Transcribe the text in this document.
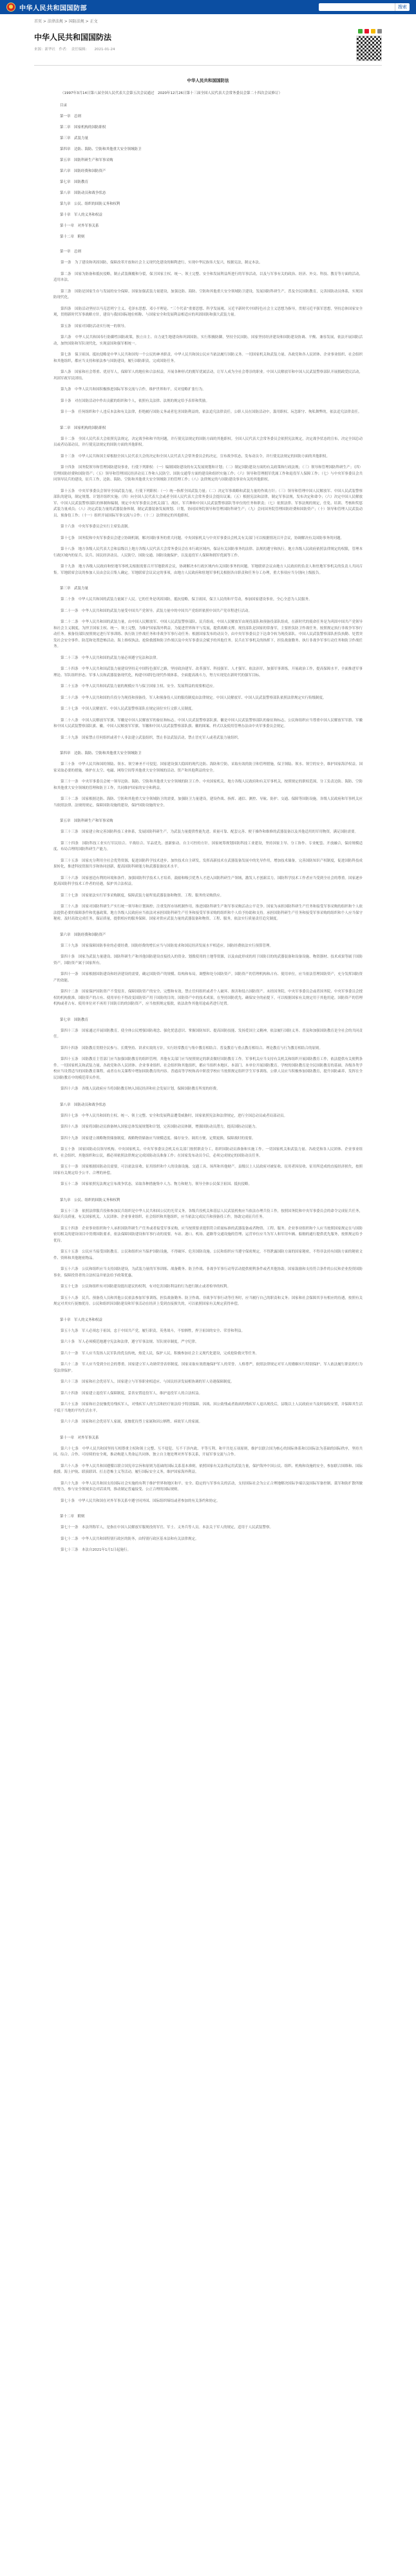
中华人民共和国国防部	搜索
首页 > 法律法规 > 国防法规 > 正文
中华人民共和国国防法
来源：新华社　作者：　责任编辑：　　2021-01-24
中华人民共和国国防法

（1997年3月14日第八届全国人民代表大会第五次会议通过　2020年12月26日第十三届全国人民代表大会常务委员会第二十四次会议修订）

目录

第一章　总则

第二章　国家机构的国防职权

第三章　武装力量

第四章　边防、海防、空防和其他重大安全领域防卫

第五章　国防科研生产和军事采购

第六章　国防经费和国防资产

第七章　国防教育

第八章　国防动员和战争状态

第九章　公民、组织的国防义务和权利

第十章　军人的义务和权益

第十一章　对外军事关系

第十二章　附则

第一章　总则

第一条　为了建设和巩固国防，保障改革开放和社会主义现代化建设的顺利进行，实现中华民族伟大复兴，根据宪法，制定本法。

第二条　国家为防备和抵抗侵略，制止武装颠覆和分裂，保卫国家主权、统一、领土完整、安全和发展利益所进行的军事活动，以及与军事有关的政治、经济、外交、科技、教育等方面的活动，适用本法。

第三条　国防是国家生存与发展的安全保障。国家加强武装力量建设，加强边防、海防、空防和其他重大安全领域防卫建设，发展国防科研生产，普及全民国防教育，完善国防动员体系，实现国防现代化。

第四条　国防活动坚持以马克思列宁主义、毛泽东思想、邓小平理论、“三个代表”重要思想、科学发展观、习近平新时代中国特色社会主义思想为指导，贯彻习近平强军思想，坚持总体国家安全观，贯彻新时代军事战略方针，建设与我国国际地位相称、与国家安全和发展利益相适应的巩固国防和强大武装力量。

第五条　国家对国防活动实行统一的领导。

第六条　中华人民共和国奉行防御性国防政策，独立自主、自力更生地建设和巩固国防，实行积极防御，坚持全民国防。国家坚持经济建设和国防建设协调、平衡、兼容发展，依法开展国防活动，加快国防和军队现代化，实现富国和强军相统一。

第七条　保卫祖国、抵抗侵略是中华人民共和国每一个公民的神圣职责。中华人民共和国公民应当依法履行国防义务。一切国家机关和武装力量、各政党和各人民团体、企业事业组织、社会组织和其他组织，都应当支持和依法参与国防建设，履行国防职责，完成国防任务。

第八条　国家和社会尊重、优待军人，保障军人的地位和合法权益，开展各种形式的拥军优属活动，让军人成为全社会尊崇的职业。中国人民解放军和中国人民武装警察部队开展拥政爱民活动，巩固军政军民团结。

第九条　中华人民共和国积极推进国际军事交流与合作，维护世界和平，反对侵略扩张行为。

第十条　对在国防活动中作出贡献的组织和个人，依照有关法律、法规的规定给予表彰和奖励。

第十一条　任何组织和个人违反本法和有关法律，拒绝履行国防义务或者危害国防利益的，依法追究法律责任。公职人员在国防活动中，滥用职权、玩忽职守、徇私舞弊的，依法追究法律责任。

第二章　国家机构的国防职权

第十二条　全国人民代表大会依照宪法规定，决定战争和和平的问题，并行使宪法规定的国防方面的其他职权。全国人民代表大会常务委员会依照宪法规定，决定战争状态的宣布，决定全国总动员或者局部动员，并行使宪法规定的国防方面的其他职权。

第十三条　中华人民共和国主席根据全国人民代表大会的决定和全国人民代表大会常务委员会的决定，宣布战争状态，发布动员令，并行使宪法规定的国防方面的其他职权。

第十四条　国务院领导和管理国防建设事业，行使下列职权：（一）编制国防建设的有关发展规划和计划；（二）制定国防建设方面的有关政策和行政法规；（三）领导和管理国防科研生产；（四）管理国防经费和国防资产；（五）领导和管理国民经济动员工作和人民防空、国防交通等方面的建设和组织实施工作；（六）领导和管理拥军优属工作和退役军人保障工作；（七）与中央军事委员会共同领导民兵的建设，征兵工作，边防、海防、空防和其他重大安全领域防卫的管理工作；（八）法律规定的与国防建设事业有关的其他职权。

第十五条　中央军事委员会领导全国武装力量，行使下列职权：（一）统一指挥全国武装力量；（二）决定军事战略和武装力量的作战方针；（三）领导和管理中国人民解放军、中国人民武装警察部队的建设，制定规划、计划并组织实施；（四）向全国人民代表大会或者全国人民代表大会常务委员会提出议案；（五）根据宪法和法律，制定军事法规，发布决定和命令；（六）决定中国人民解放军、中国人民武装警察部队的体制和编制，规定中央军事委员会机关部门、战区、军兵种和中国人民武装警察部队等单位的任务和职责；（七）依照法律、军事法规的规定，任免、培训、考核和奖惩武装力量成员；（八）决定武装力量的武器装备体制，制定武器装备发展规划、计划，协同国务院领导和管理国防科研生产；（九）会同国务院管理国防经费和国防资产；（十）领导和管理人民武装动员、预备役工作；（十一）组织开展国际军事交流与合作；（十二）法律规定的其他职权。

第十六条　中央军事委员会实行主席负责制。

第十七条　国务院和中央军事委员会建立协调机制，解决国防事务的重大问题。中央国家机关与中央军事委员会机关有关部门可以根据情况召开会议，协调解决有关国防事务的问题。

第十八条　地方各级人民代表大会和县级以上地方各级人民代表大会常务委员会在本行政区域内，保证有关国防事务的法律、法规的遵守和执行。地方各级人民政府依照法律规定的权限，管理本行政区域内的征兵、民兵、国民经济动员、人民防空、国防交通、国防设施保护，以及退役军人保障和拥军优属等工作。

第十九条　地方各级人民政府和驻地军事机关根据需要召开军地联席会议，协调解决本行政区域内有关国防事务的问题。军地联席会议由地方人民政府的负责人和驻地军事机关的负责人共同召集。军地联席会议的参加人员由会议召集人确定。军地联席会议议定的事项，由地方人民政府和驻地军事机关根据各自职责和任务分工办理，重大事项应当分别向上级报告。

第三章　武装力量

第二十条　中华人民共和国的武装力量属于人民。它的任务是巩固国防，抵抗侵略，保卫祖国，保卫人民的和平劳动，参加国家建设事业，全心全意为人民服务。

第二十一条　中华人民共和国的武装力量受中国共产党领导。武装力量中的中国共产党组织依照中国共产党章程进行活动。

第二十二条　中华人民共和国的武装力量，由中国人民解放军、中国人民武装警察部队、民兵组成。中国人民解放军由现役部队和预备役部队组成，在新时代的使命任务是为巩固中国共产党领导和社会主义制度，为捍卫国家主权、统一、领土完整，为维护国家海外利益，为促进世界和平与发展，提供战略支撑。现役部队是国家的常备军，主要担负防卫作战任务，按照规定执行非战争军事行动任务。预备役部队按照规定进行军事训练、执行防卫作战任务和非战争军事行动任务；根据国家发布的动员令，由中央军事委员会下达命令转为现役部队。中国人民武装警察部队担负执勤、处置突发社会安全事件、防范和处置恐怖活动、海上维权执法、抢险救援和防卫作战以及中央军事委员会赋予的其他任务。民兵在军事机关的指挥下，担负战备勤务、执行非战争军事行动任务和防卫作战任务。

第二十三条　中华人民共和国的武装力量必须遵守宪法和法律。

第二十四条　中华人民共和国武装力量建设坚持走中国特色强军之路，坚持政治建军、改革强军、科技强军、人才强军、依法治军，加强军事训练，开展政治工作，提高保障水平，全面推进军事理论、军队组织形态、军事人员和武器装备现代化，构建中国特色现代作战体系，全面提高战斗力，努力实现党在新时代的强军目标。

第二十五条　中华人民共和国武装力量的规模应当与保卫国家主权、安全、发展利益的需要相适应。

第二十六条　中华人民共和国的兵役分为现役和预备役。军人和预备役人员的服役制度由法律规定。中国人民解放军、中国人民武装警察部队依照法律规定实行衔级制度。

第二十七条　中国人民解放军、中国人民武装警察部队在规定岗位实行文职人员制度。

第二十八条　中国人民解放军军旗、军徽是中国人民解放军的象征和标志。中国人民武装警察部队旗、徽是中国人民武装警察部队的象征和标志。公民和组织应当尊重中国人民解放军军旗、军徽和中国人民武装警察部队旗、徽。中国人民解放军军旗、军徽和中国人民武装警察部队旗、徽的图案、样式以及使用管理办法由中央军事委员会规定。

第二十九条　国家禁止任何组织或者个人非法建立武装组织，禁止非法武装活动，禁止冒充军人或者武装力量组织。

第四章　边防、海防、空防和其他重大安全领域防卫

第三十条　中华人民共和国的领陆、领水、领空神圣不可侵犯。国家建设强大稳固的现代边防、海防和空防，采取有效的防卫和管理措施，保卫领陆、领水、领空的安全，维护国家海洋权益。国家采取必要的措施，维护在太空、电磁、网络空间等其他重大安全领域的活动、资产和其他利益的安全。

第三十一条　中央军事委员会统一领导边防、海防、空防和其他重大安全领域的防卫工作。中央国家机关、地方各级人民政府和有关军事机关，按照规定的职权范围，分工负责边防、海防、空防和其他重大安全领域的管理和防卫工作，共同维护国家的安全和利益。

第三十二条　国家根据边防、海防、空防和其他重大安全领域防卫的需要，加强防卫力量建设，建设作战、指挥、通信、测控、导航、防护、交通、保障等国防设施。各级人民政府和军事机关应当依照法律、法规的规定，保障国防设施的建设，保护国防设施的安全。

第五章　国防科研生产和军事采购

第三十三条　国家建立和完善国防科技工业体系，发展国防科研生产，为武装力量提供性能先进、质量可靠、配套完善、便于操作和维修的武器装备以及其他适用的军用物资，满足国防需要。

第三十四条　国防科技工业实行军民结合、平战结合、军品优先、创新驱动、自主可控的方针。国家统筹规划国防科技工业建设，坚持国家主导、分工协作、专业配套、开放融合，保持规模适度、布局合理的国防科研生产能力。

第三十五条　国家充分利用全社会优势资源，促进国防科学技术进步，加快技术自主研发，发挥高新技术在武器装备发展中的先导作用，增加技术储备，完善国防知识产权制度，促进国防科技成果转化，推进科技资源共享和协同创新，提高国防科研能力和武器装备技术水平。

第三十六条　国家创造有利的环境和条件，加强国防科学技术人才培养，鼓励和吸引优秀人才进入国防科研生产领域，激发人才创新活力。国防科学技术工作者应当受到全社会的尊重。国家逐步提高国防科学技术工作者的待遇，保护其合法权益。

第三十七条　国家依法实行军事采购制度，保障武装力量所需武器装备和物资、工程、服务的采购供应。

第三十八条　国家对国防科研生产实行统一领导和计划调控；注重发挥市场机制作用，推进国防科研生产和军事采购活动公平竞争。国家为承担国防科研生产任务和接受军事采购的组织和个人依法提供必要的保障条件和优惠政策。地方各级人民政府应当依法对承担国防科研生产任务和接受军事采购的组织和个人给予协助和支持。承担国防科研生产任务和接受军事采购的组织和个人应当保守秘密，及时高效完成任务，保证质量，提供相应的服务保障。国家对供应武装力量的武器装备和物资、工程、服务，依法实行质量责任追究制度。

第六章　国防经费和国防资产

第三十九条　国家保障国防事业的必要经费。国防经费的增长应当与国防需求和国民经济发展水平相适应。国防经费依法实行预算管理。

第四十条　国家为武装力量建设、国防科研生产和其他国防建设直接投入的资金、划拨使用的土地等资源，以及由此形成的用于国防目的的武器装备和设备设施、物资器材、技术成果等属于国防资产。国防资产属于国家所有。

第四十一条　国家根据国防建设和经济建设的需要，确定国防资产的规模、结构和布局，调整和处分国防资产。国防资产的管理机构和占有、使用单位，应当依法管理国防资产，充分发挥国防资产的效能。

第四十二条　国家保护国防资产不受侵害，保障国防资产的安全、完整和有效。禁止任何组织或者个人破坏、损害和侵占国防资产。未经国务院、中央军事委员会或者国务院、中央军事委员会授权的机构批准，国防资产的占有、使用单位不得改变国防资产用于国防的目的。国防资产中的技术成果，在坚持国防优先、确保安全的前提下，可以根据国家有关规定用于其他用途。国防资产的管理机构或者占有、使用单位对不再用于国防目的的国防资产，应当按照规定报批，依法改作其他用途或者进行处置。

第七章　国防教育

第四十三条　国家通过开展国防教育，使全体公民增强国防观念、强化忧患意识、掌握国防知识、提高国防技能、发扬爱国主义精神，依法履行国防义务。普及和加强国防教育是全社会的共同责任。

第四十四条　国防教育贯彻全民参与、长期坚持、讲求实效的方针，实行经常教育与集中教育相结合、普及教育与重点教育相结合、理论教育与行为教育相结合的原则。

第四十五条　国防教育主管部门应当加强国防教育的组织管理，其他有关部门应当按照规定的职责做好国防教育工作。军事机关应当支持有关机关和组织开展国防教育工作，依法提供有关便利条件。一切国家机关和武装力量、各政党和各人民团体、企业事业组织、社会组织和其他组织，都应当组织本地区、本部门、本单位开展国防教育。学校的国防教育是全民国防教育的基础。各级各类学校应当设置适当的国防教育课程，或者在有关课程中增加国防教育的内容。普通高等学校和高中阶段学校应当按照规定组织学生军事训练。公职人员应当积极参加国防教育，提升国防素养，发挥在全民国防教育中的模范带头作用。

第四十六条　各级人民政府应当将国防教育纳入国民经济和社会发展计划，保障国防教育所需的经费。

第八章　国防动员和战争状态

第四十七条　中华人民共和国的主权、统一、领土完整、安全和发展利益遭受威胁时，国家依照宪法和法律规定，进行全国总动员或者局部动员。

第四十八条　国家将国防动员准备纳入国家总体发展规划和计划，完善国防动员体制，增强国防动员潜力，提高国防动员能力。

第四十九条　国家建立战略物资储备制度。战略物资储备应当规模适度、储存安全、调用方便、定期更换，保障战时的需要。

第五十条　国家国防动员领导机构、中央国家机关、中央军事委员会机关有关部门按照职责分工，组织国防动员准备和实施工作。一切国家机关和武装力量、各政党和各人民团体、企业事业组织、社会组织、其他组织和公民，都必须依照法律规定完成国防动员准备工作；在国家发布动员令后，必须完成规定的国防动员任务。

第五十一条　国家根据国防动员需要，可以依法征收、征用组织和个人的设备设施、交通工具、场所和其他财产。县级以上人民政府对被征收、征用者因征收、征用所造成的直接经济损失，按照国家有关规定给予公平、合理的补偿。

第五十二条　国家依照宪法规定宣布战争状态，采取各种措施集中人力、物力和财力，领导全体公民保卫祖国、抵抗侵略。

第九章　公民、组织的国防义务和权利

第五十三条　依照法律服兵役和参加民兵组织是中华人民共和国公民的光荣义务。各级兵役机关和基层人民武装机构应当依法办理兵役工作，按照国务院和中央军事委员会的命令完成征兵任务，保证兵员质量。有关国家机关、人民团体、企业事业组织、社会组织和其他组织，应当依法完成民兵和预备役工作，协助完成征兵任务。

第五十四条　企业事业组织和个人承担国防科研生产任务或者接受军事采购，应当按照要求提供符合质量标准的武器装备或者物资、工程、服务。企业事业组织和个人应当按照国家规定在与国防密切相关的建设项目中贯彻国防要求，依法保障国防建设和军事行动的需要。车站、港口、机场、道路等交通设施的管理、运营单位应当为军人和军用车辆、船舶的通行提供优先服务，按照规定给予优待。

第五十五条　公民应当接受国防教育。公民和组织应当保护国防设施，不得破坏、危害国防设施。公民和组织应当遵守保密规定，不得泄露国防方面的国家秘密，不得非法持有国防方面的秘密文件、资料和其他秘密物品。

第五十六条　公民和组织应当支持国防建设，为武装力量的军事训练、战备勤务、防卫作战、非战争军事行动等活动提供便利条件或者其他协助。国家鼓励和支持符合条件的公民和企业投资国防事业，保障投资者的合法权益并依法给予政策优惠。

第五十七条　公民和组织有对国防建设提出建议的权利，有对危害国防利益的行为进行制止或者检举的权利。

第五十八条　民兵、预备役人员和其他公民依法参加军事训练，担负战备勤务、防卫作战、非战争军事行动等任务时，应当履行自己的职责和义务；国家和社会保障其享有相应的待遇，按照有关规定对其实行抚恤优待。公民和组织因国防建设和军事活动在经济上受到直接损失的，可以依照国家有关规定获得补偿。

第十章　军人的义务和权益

第五十九条　军人必须忠于祖国，忠于中国共产党，履行职责，英勇战斗，不怕牺牲，捍卫祖国的安全、荣誉和利益。

第六十条　军人必须模范地遵守宪法和法律，遵守军事法规、军队规章制度，严守纪律。

第六十一条　军人应当发扬人民军队的优良传统，热爱人民，保护人民，积极参加社会主义现代化建设，完成抢险救灾等任务。

第六十二条　军人应当受到全社会的尊重。国家建立军人功勋荣誉表彰制度。国家采取有效措施保护军人的荣誉、人格尊严，依照法律规定对军人的婚姻实行特别保护。军人依法履行职责的行为受法律保护。

第六十三条　国家和社会优待军人。国家建立与军事职业相适应、与国民经济发展相协调的军人待遇保障制度。

第六十四条　国家建立退役军人保障制度，妥善安置退役军人，维护退役军人的合法权益。

第六十五条　国家和社会抚恤优待残疾军人，对残疾军人的生活和医疗依法给予特别保障。因战、因公致残或者致病的残疾军人退出现役后，县级以上人民政府应当及时接收安置，并保障其生活不低于当地的平均生活水平。

第六十六条　国家和社会优待军人家属，抚恤优待烈士家属和因公牺牲、病故军人的家属。

第十一章　对外军事关系

第六十七条　中华人民共和国坚持互相尊重主权和领土完整、互不侵犯、互不干涉内政、平等互利、和平共处五项原则，维护以联合国为核心的国际体系和以国际法为基础的国际秩序，坚持共同、综合、合作、可持续的安全观，推动构建人类命运共同体，独立自主地处理对外军事关系，开展军事交流与合作。

第六十八条　中华人民共和国遵循以联合国宪章宗旨和原则为基础的国际关系基本准则，依照国家有关法律运用武装力量，保护海外中国公民、组织、机构和设施的安全，参加联合国维和、国际救援、海上护航、联演联训、打击恐怖主义等活动，履行国际安全义务，维护国家海外利益。

第六十九条　中华人民共和国支持国际社会实施的有利于维护世界和地区和平、安全、稳定的与军事有关的活动，支持国际社会为公正合理地解决国际争端以及国际军备控制、裁军和防扩散所做的努力，参与安全领域多边对话谈判，推动制定普遍接受、公正合理的国际规则。

第七十条　中华人民共和国在对外军事关系中遵守同外国、国际组织缔结或者参加的有关条约和协定。

第十二章　附则

第七十一条　本法所称军人，是指在中国人民解放军服现役的军官、军士、义务兵等人员。本法关于军人的规定，适用于人民武装警察。

第七十二条　中华人民共和国特别行政区的防务，由特别行政区基本法和有关法律规定。

第七十三条　本法自2021年1月1日起施行。
